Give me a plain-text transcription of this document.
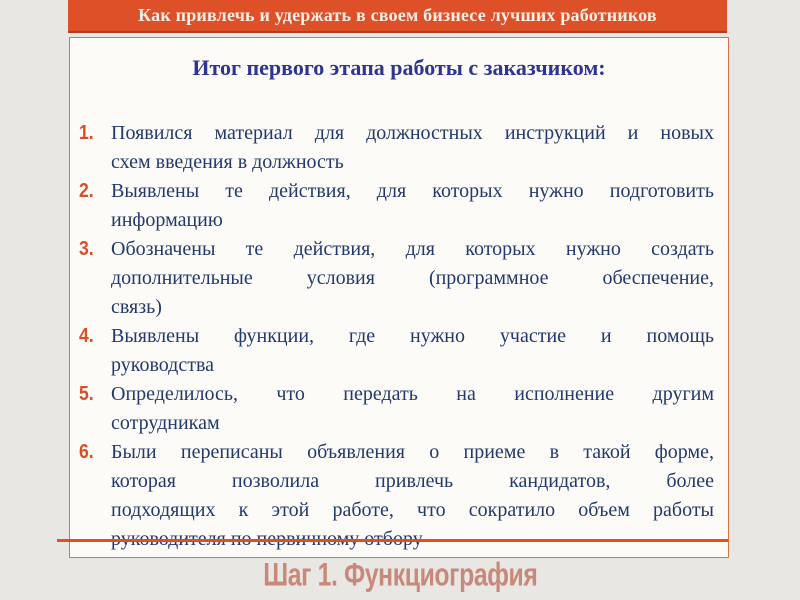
Как привлечь и удержать в своем бизнесе лучших работников
Итог первого этапа работы с заказчиком:
1. Появился материал для должностных инструкций и новых
схем введения в должность
2. Выявлены те действия, для которых нужно подготовить
информацию
3. Обозначены те действия, для которых нужно создать
дополнительные условия (программное обеспечение,
связь)
4. Выявлены функции, где нужно участие и помощь
руководства
5. Определилось, что передать на исполнение другим
сотрудникам
6. Были переписаны объявления о приеме в такой форме,
которая позволила привлечь кандидатов, более
подходящих к этой работе, что сократило объем работы
Шаг 1. Функциография
